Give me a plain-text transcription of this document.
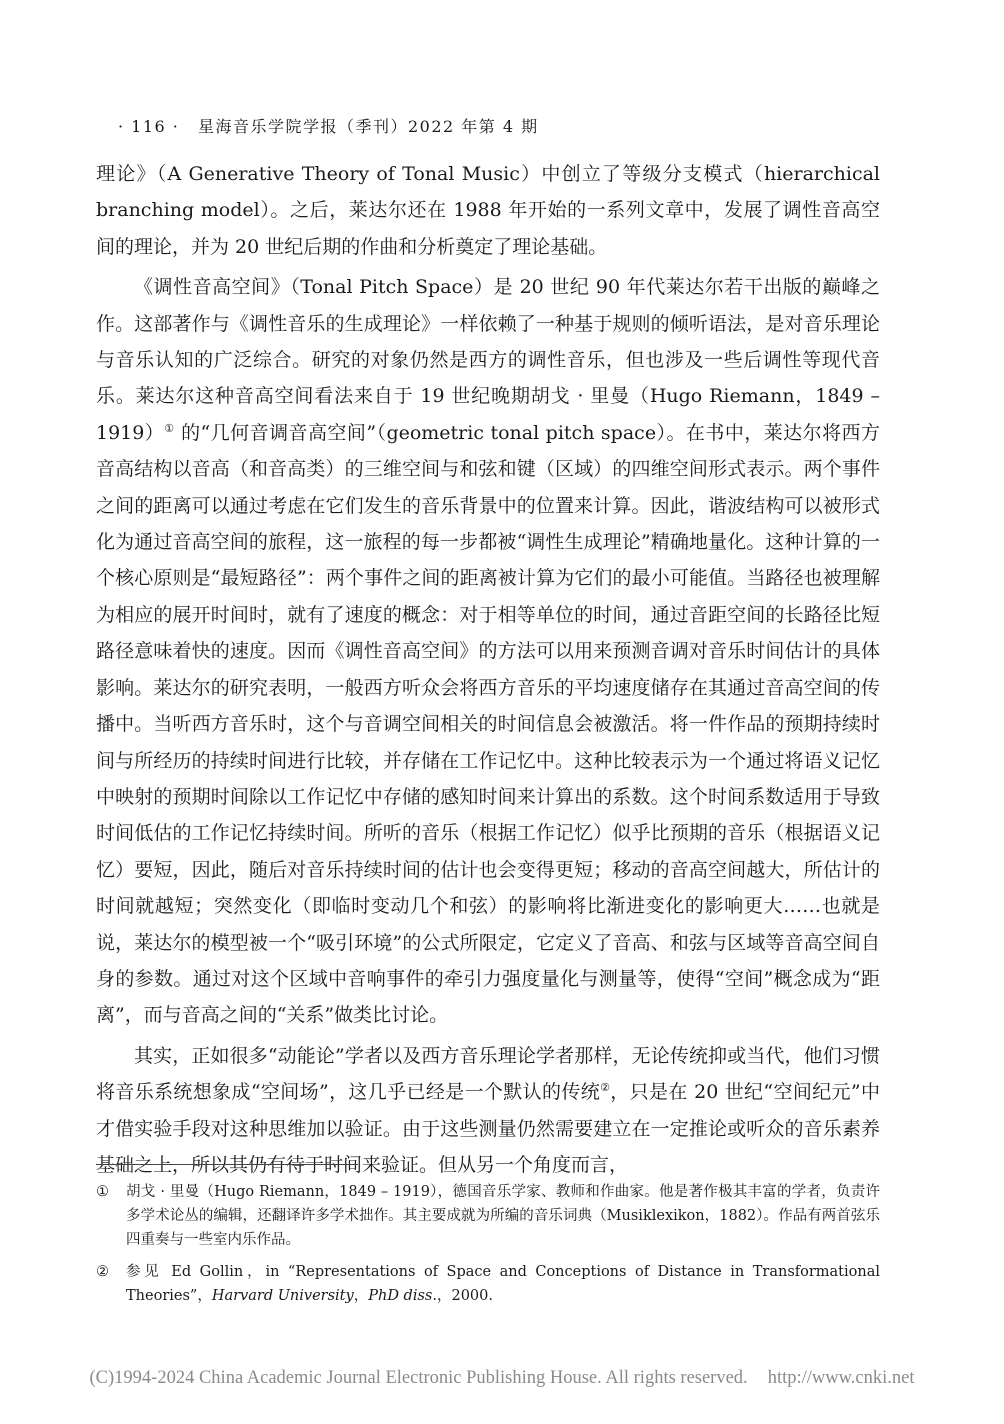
· 116 · 星海音乐学院学报（季刊）2022 年第 4 期

理论》（A Generative Theory of Tonal Music）中创立了等级分支模式（hierarchical branching model）。之后，莱达尔还在 1988 年开始的一系列文章中，发展了调性音高空间的理论，并为 20 世纪后期的作曲和分析奠定了理论基础。

《调性音高空间》（Tonal Pitch Space）是 20 世纪 90 年代莱达尔若干出版的巅峰之作。这部著作与《调性音乐的生成理论》一样依赖了一种基于规则的倾听语法，是对音乐理论与音乐认知的广泛综合。研究的对象仍然是西方的调性音乐，但也涉及一些后调性等现代音乐。莱达尔这种音高空间看法来自于 19 世纪晚期胡戈 · 里曼（Hugo Riemann，1849 – 1919）① 的“几何音调音高空间”（geometric tonal pitch space）。在书中，莱达尔将西方音高结构以音高（和音高类）的三维空间与和弦和键（区域）的四维空间形式表示。两个事件之间的距离可以通过考虑在它们发生的音乐背景中的位置来计算。因此，谐波结构可以被形式化为通过音高空间的旅程，这一旅程的每一步都被“调性生成理论”精确地量化。这种计算的一个核心原则是“最短路径”：两个事件之间的距离被计算为它们的最小可能值。当路径也被理解为相应的展开时间时，就有了速度的概念：对于相等单位的时间，通过音距空间的长路径比短路径意味着快的速度。因而《调性音高空间》的方法可以用来预测音调对音乐时间估计的具体影响。莱达尔的研究表明，一般西方听众会将西方音乐的平均速度储存在其通过音高空间的传播中。当听西方音乐时，这个与音调空间相关的时间信息会被激活。将一件作品的预期持续时间与所经历的持续时间进行比较，并存储在工作记忆中。这种比较表示为一个通过将语义记忆中映射的预期时间除以工作记忆中存储的感知时间来计算出的系数。这个时间系数适用于导致时间低估的工作记忆持续时间。所听的音乐（根据工作记忆）似乎比预期的音乐（根据语义记忆）要短，因此，随后对音乐持续时间的估计也会变得更短；移动的音高空间越大，所估计的时间就越短；突然变化（即临时变动几个和弦）的影响将比渐进变化的影响更大……也就是说，莱达尔的模型被一个“吸引环境”的公式所限定，它定义了音高、和弦与区域等音高空间自身的参数。通过对这个区域中音响事件的牵引力强度量化与测量等，使得“空间”概念成为“距离”，而与音高之间的“关系”做类比讨论。

其实，正如很多“动能论”学者以及西方音乐理论学者那样，无论传统抑或当代，他们习惯将音乐系统想象成“空间场”，这几乎已经是一个默认的传统②，只是在 20 世纪“空间纪元”中才借实验手段对这种思维加以验证。由于这些测量仍然需要建立在一定推论或听众的音乐素养基础之上，所以其仍有待于时间来验证。但从另一个角度而言，

① 胡戈 · 里曼（Hugo Riemann，1849 – 1919），德国音乐学家、教师和作曲家。他是著作极其丰富的学者，负责许多学术论丛的编辑，还翻译许多学术拙作。其主要成就为所编的音乐词典（Musiklexikon，1882）。作品有两首弦乐四重奏与一些室内乐作品。
② 参见 Ed Gollin，in “Representations of Space and Conceptions of Distance in Transformational Theories”，Harvard University，PhD diss.，2000.
(C)1994-2024 China Academic Journal Electronic Publishing House. All rights reserved. http://www.cnki.net
